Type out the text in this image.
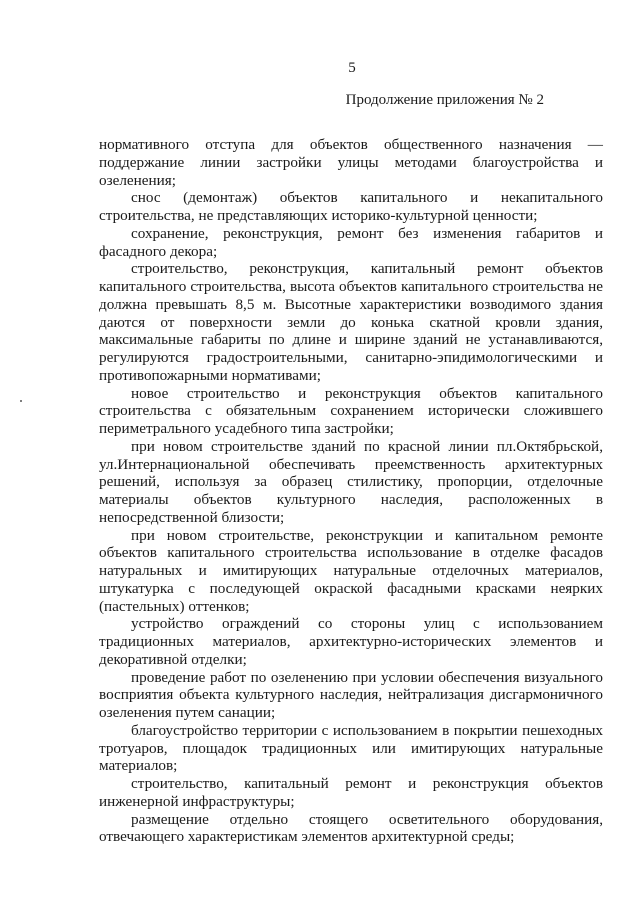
5
Продолжение приложения № 2

нормативного отступа для объектов общественного назначения — поддержание линии застройки улицы методами благоустройства и озеленения;

снос (демонтаж) объектов капитального и некапитального строительства, не представляющих историко-культурной ценности;

сохранение, реконструкция, ремонт без изменения габаритов и фасадного декора;

строительство, реконструкция, капитальный ремонт объектов капитального строительства, высота объектов капитального строительства не должна превышать 8,5 м. Высотные характеристики возводимого здания даются от поверхности земли до конька скатной кровли здания, максимальные габариты по длине и ширине зданий не устанавливаются, регулируются градостроительными, санитарно-эпидимологическими и противопожарными нормативами;

новое строительство и реконструкция объектов капитального строительства с обязательным сохранением исторически сложившего периметрального усадебного типа застройки;

при новом строительстве зданий по красной линии пл.Октябрьской, ул.Интернациональной обеспечивать преемственность архитектурных решений, используя за образец стилистику, пропорции, отделочные материалы объектов культурного наследия, расположенных в непосредственной близости;

при новом строительстве, реконструкции и капитальном ремонте объектов капитального строительства использование в отделке фасадов натуральных и имитирующих натуральные отделочных материалов, штукатурка с последующей окраской фасадными красками неярких (пастельных) оттенков;

устройство ограждений со стороны улиц с использованием традиционных материалов, архитектурно-исторических элементов и декоративной отделки;

проведение работ по озеленению при условии обеспечения визуального восприятия объекта культурного наследия, нейтрализация дисгармоничного озеленения путем санации;

благоустройство территории с использованием в покрытии пешеходных тротуаров, площадок традиционных или имитирующих натуральные материалов;

строительство, капитальный ремонт и реконструкция объектов инженерной инфраструктуры;

размещение отдельно стоящего осветительного оборудования, отвечающего характеристикам элементов архитектурной среды;
